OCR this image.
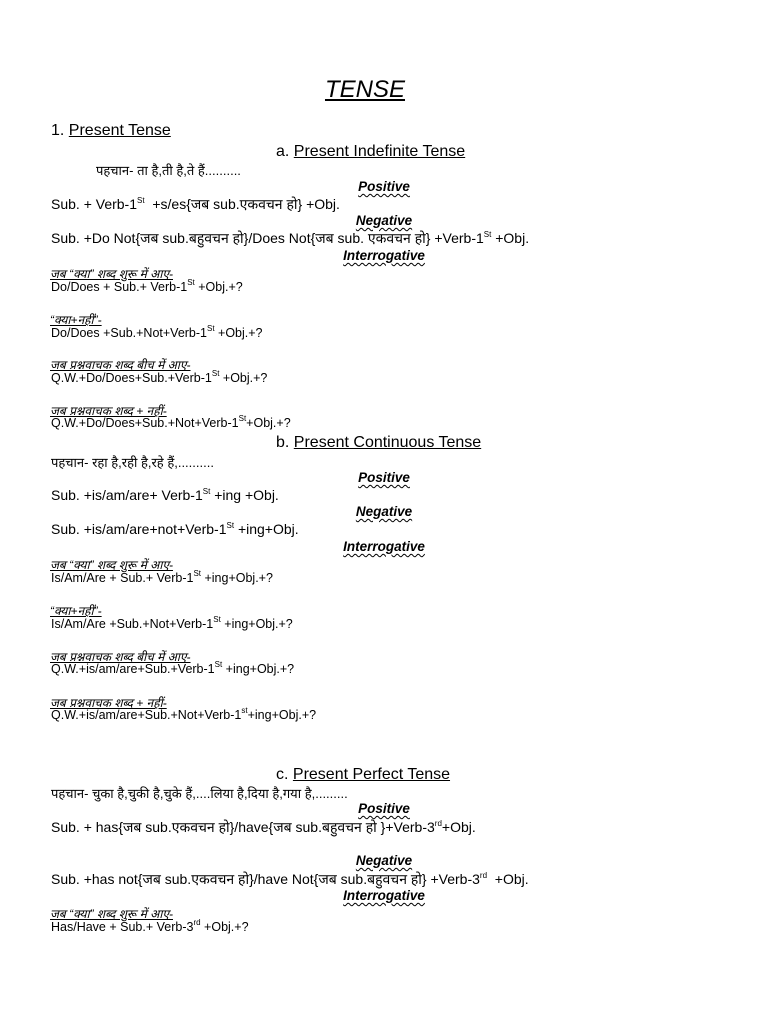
TENSE
1. Present Tense
a. Present Indefinite Tense
पहचान- ता है,ती है,ते हैं..........
Positive
Sub. + Verb-1St  +s/es{जब sub.एकवचन हो} +Obj.
Negative
Sub. +Do Not{जब sub.बहुवचन हो}/Does Not{जब sub. एकवचन हो} +Verb-1St +Obj.
Interrogative
जब “क्या” शब्द शुरू में आए-
Do/Does + Sub.+ Verb-1St +Obj.+?
“क्या+नहीं”-
Do/Does +Sub.+Not+Verb-1St +Obj.+?
जब प्रश्नवाचक शब्द बीच में आए-
Q.W.+Do/Does+Sub.+Verb-1St +Obj.+?
जब प्रश्नवाचक शब्द + नहीं-
Q.W.+Do/Does+Sub.+Not+Verb-1St+Obj.+?
b. Present Continuous Tense
पहचान- रहा है,रही है,रहे हैं,..........
Positive
Sub. +is/am/are+ Verb-1St +ing +Obj.
Negative
Sub. +is/am/are+not+Verb-1St +ing+Obj.
Interrogative
जब “क्या” शब्द शुरू में आए-
Is/Am/Are + Sub.+ Verb-1St +ing+Obj.+?
“क्या+नहीं”-
Is/Am/Are +Sub.+Not+Verb-1St +ing+Obj.+?
जब प्रश्नवाचक शब्द बीच में आए-
Q.W.+is/am/are+Sub.+Verb-1St +ing+Obj.+?
जब प्रश्नवाचक शब्द + नहीं-
Q.W.+is/am/are+Sub.+Not+Verb-1st+ing+Obj.+?
c. Present Perfect Tense
पहचान- चुका है,चुकी है,चुके हैं,....लिया है,दिया है,गया है,.........
Positive
Sub. + has{जब sub.एकवचन हो}/have{जब sub.बहुवचन हो }+Verb-3rd+Obj.
Negative
Sub. +has not{जब sub.एकवचन हो}/have Not{जब sub.बहुवचन हो} +Verb-3rd  +Obj.
Interrogative
जब “क्या” शब्द शुरू में आए-
Has/Have + Sub.+ Verb-3rd +Obj.+?
